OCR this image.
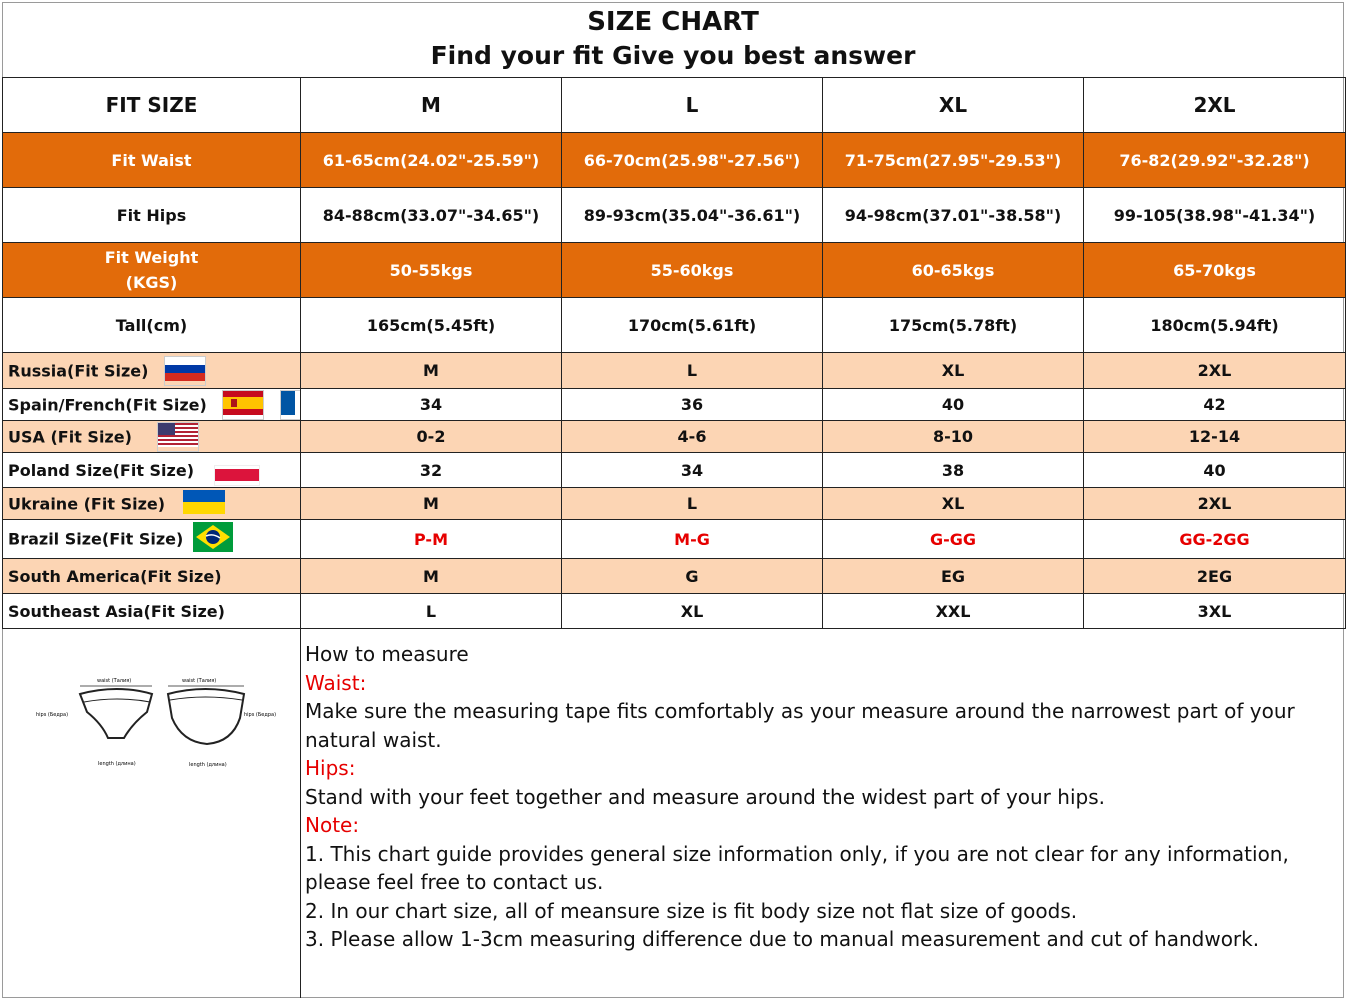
SIZE CHART
Find your fit Give you best answer
FIT SIZE	M	L	XL	2XL
Fit Waist	61-65cm(24.02"-25.59")	66-70cm(25.98"-27.56")	71-75cm(27.95"-29.53")	76-82(29.92"-32.28")
Fit Hips	84-88cm(33.07"-34.65")	89-93cm(35.04"-36.61")	94-98cm(37.01"-38.58")	99-105(38.98"-41.34")

Fit Weight
(KGS)	50-55kgs	55-60kgs	60-65kgs	65-70kgs
Tall(cm)	165cm(5.45ft)	170cm(5.61ft)	175cm(5.78ft)	180cm(5.94ft)
Russia(Fit Size)	M	L	XL	2XL
Spain/French(Fit Size)	34	36	40	42
USA (Fit Size)	0-2	4-6	8-10	12-14
Poland Size(Fit Size)	32	34	38	40
Ukraine (Fit Size)	M	L	XL	2XL
Brazil Size(Fit Size)	P-M	M-G	G-GG	GG-2GG
South America(Fit Size)	M	G	EG	2EG
Southeast Asia(Fit Size)	L	XL	XXL	3XL
waist (Талия)	waist (Талия)
hips (Бедра)	hips (Бедра)
length (длина)	length (длина)
How to measure
Waist:
Make sure the measuring tape fits comfortably as your measure around the narrowest part of your natural waist.
Hips:
Stand with your feet together and measure around the widest part of your hips.
Note:
1. This chart guide provides general size information only, if you are not clear for any information, please feel free to contact us.
2. In our chart size, all of meansure size is fit body size not flat size of goods.
3. Please allow 1-3cm measuring difference due to manual measurement and cut of handwork.
